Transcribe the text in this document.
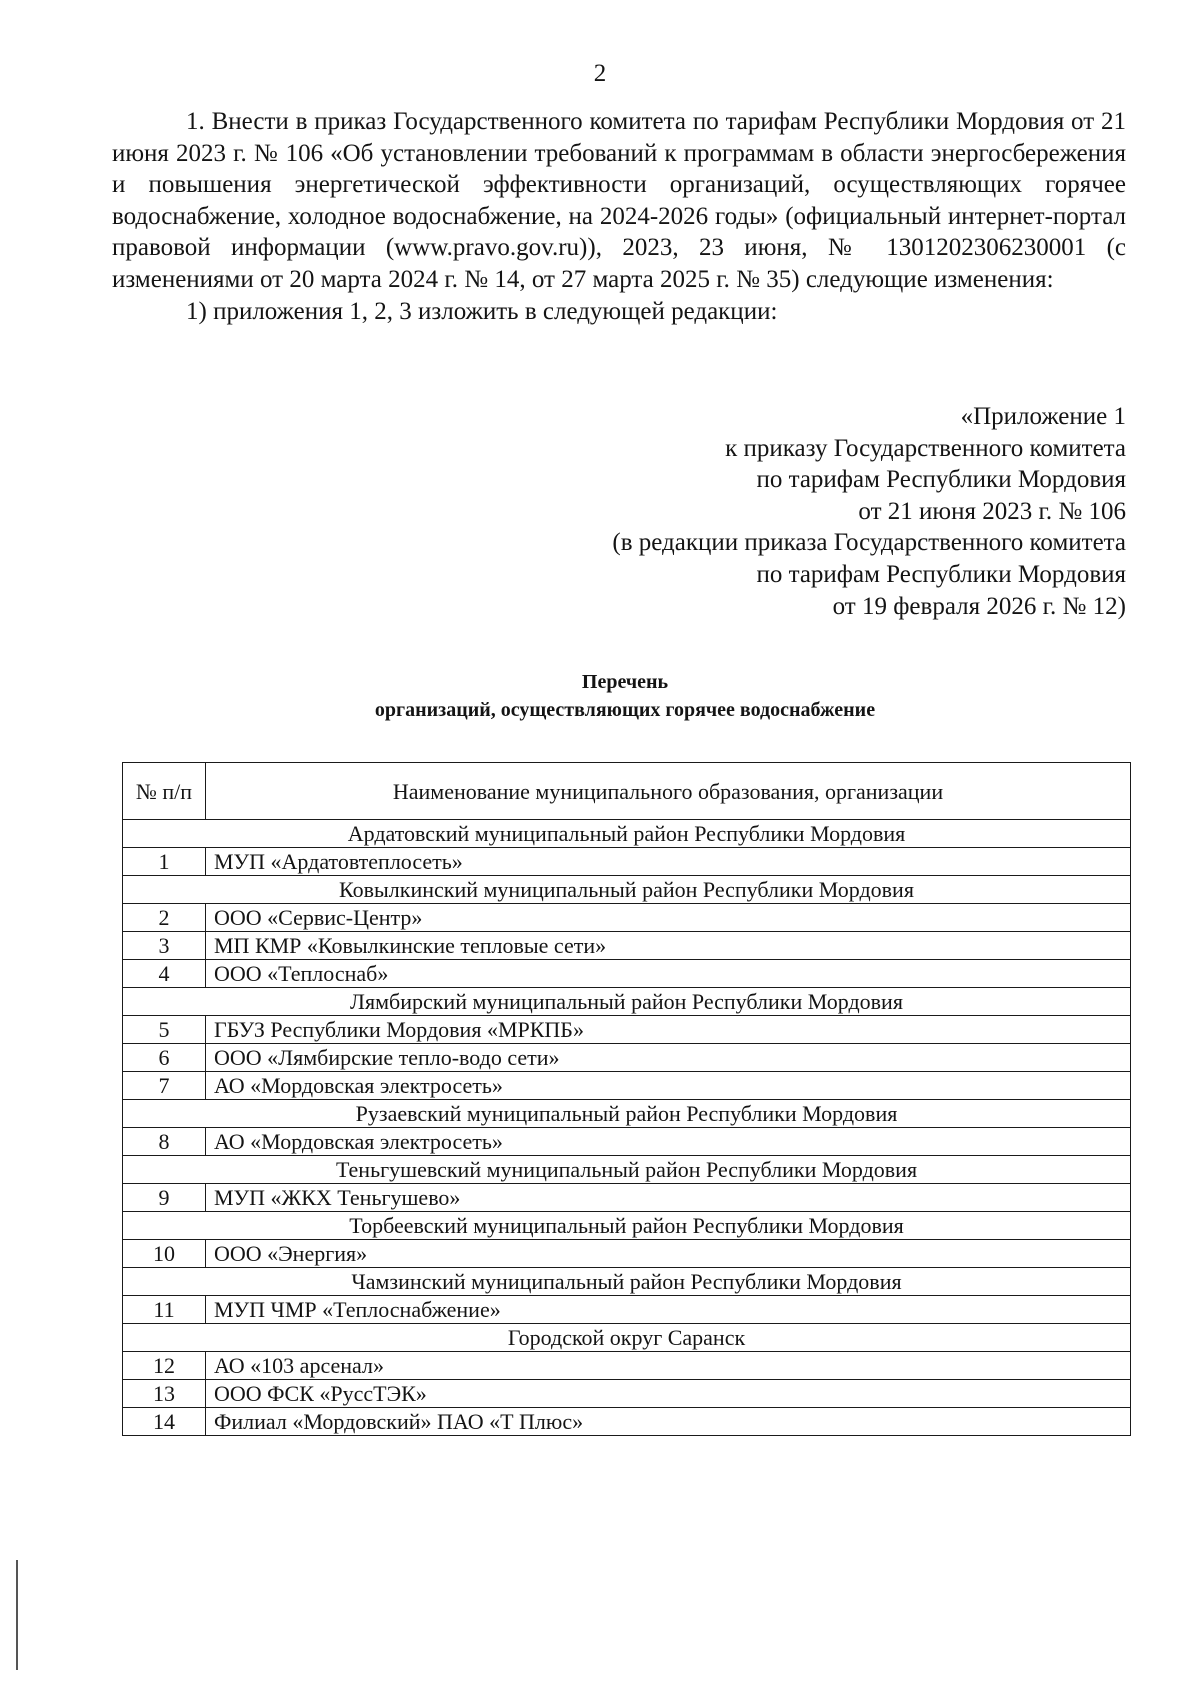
2

1. Внести в приказ Государственного комитета по тарифам Республики Мордовия от 21 июня 2023 г. № 106 «Об установлении требований к программам в области энергосбережения и повышения энергетической эффективности организаций, осуществляющих горячее водоснабжение, холодное водоснабжение, на 2024-2026 годы» (официальный интернет-портал правовой информации (www.pravo.gov.ru)), 2023, 23 июня, № 1301202306230001 (с изменениями от 20 марта 2024 г. № 14, от 27 марта 2025 г. № 35) следующие изменения:

1) приложения 1, 2, 3 изложить в следующей редакции:

«Приложение 1
к приказу Государственного комитета
по тарифам Республики Мордовия
от 21 июня 2023 г. № 106
(в редакции приказа Государственного комитета
по тарифам Республики Мордовия
от 19 февраля 2026 г. № 12)
Перечень
организаций, осуществляющих горячее водоснабжение
№ п/п	Наименование муниципального образования, организации
Ардатовский муниципальный район Республики Мордовия	
1	МУП «Ардатовтеплосеть»
Ковылкинский муниципальный район Республики Мордовия	
2	ООО «Сервис-Центр»
3	МП КМР «Ковылкинские тепловые сети»
4	ООО «Теплоснаб»
Лямбирский муниципальный район Республики Мордовия	
5	ГБУЗ Республики Мордовия «МРКПБ»
6	ООО «Лямбирские тепло-водо сети»
7	АО «Мордовская электросеть»
Рузаевский муниципальный район Республики Мордовия	
8	АО «Мордовская электросеть»
Теньгушевский муниципальный район Республики Мордовия	
9	МУП «ЖКХ Теньгушево»
Торбеевский муниципальный район Республики Мордовия	
10	ООО «Энергия»
Чамзинский муниципальный район Республики Мордовия	
11	МУП ЧМР «Теплоснабжение»
Городской округ Саранск	
12	АО «103 арсенал»
13	ООО ФСК «РуссТЭК»
14	Филиал «Мордовский» ПАО «Т Плюс»
